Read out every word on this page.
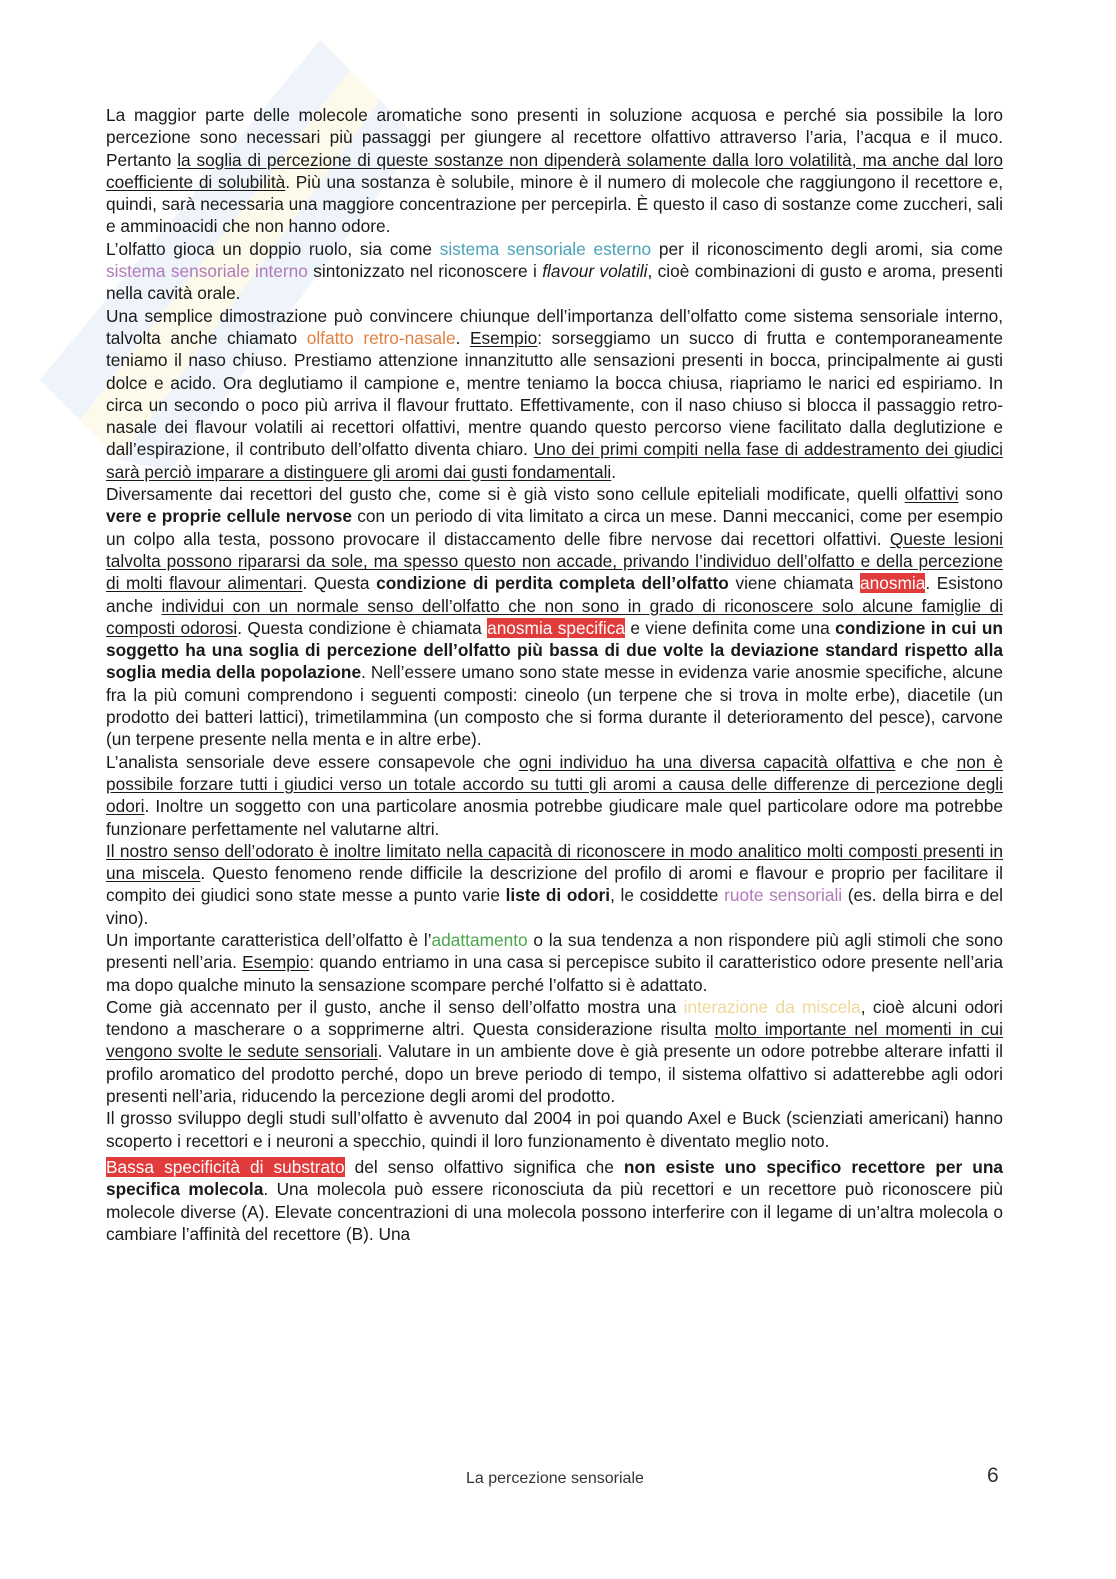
La maggior parte delle molecole aromatiche sono presenti in soluzione acquosa e perché sia possibile la loro percezione sono necessari più passaggi per giungere al recettore olfattivo attraverso l’aria, l’acqua e il muco. Pertanto la soglia di percezione di queste sostanze non dipenderà solamente dalla loro volatilità, ma anche dal loro coefficiente di solubilità. Più una sostanza è solubile, minore è il numero di molecole che raggiungono il recettore e, quindi, sarà necessaria una maggiore concentrazione per percepirla. È questo il caso di sostanze come zuccheri, sali e amminoacidi che non hanno odore.

L’olfatto gioca un doppio ruolo, sia come sistema sensoriale esterno per il riconoscimento degli aromi, sia come sistema sensoriale interno sintonizzato nel riconoscere i flavour volatili, cioè combinazioni di gusto e aroma, presenti nella cavità orale.

Una semplice dimostrazione può convincere chiunque dell’importanza dell’olfatto come sistema sensoriale interno, talvolta anche chiamato olfatto retro-nasale. Esempio: sorseggiamo un succo di frutta e contemporaneamente teniamo il naso chiuso. Prestiamo attenzione innanzitutto alle sensazioni presenti in bocca, principalmente ai gusti dolce e acido. Ora deglutiamo il campione e, mentre teniamo la bocca chiusa, riapriamo le narici ed espiriamo. In circa un secondo o poco più arriva il flavour fruttato. Effettivamente, con il naso chiuso si blocca il passaggio retro-nasale dei flavour volatili ai recettori olfattivi, mentre quando questo percorso viene facilitato dalla deglutizione e dall’espirazione, il contributo dell’olfatto diventa chiaro. Uno dei primi compiti nella fase di addestramento dei giudici sarà perciò imparare a distinguere gli aromi dai gusti fondamentali.

Diversamente dai recettori del gusto che, come si è già visto sono cellule epiteliali modificate, quelli olfattivi sono vere e proprie cellule nervose con un periodo di vita limitato a circa un mese. Danni meccanici, come per esempio un colpo alla testa, possono provocare il distaccamento delle fibre nervose dai recettori olfattivi. Queste lesioni talvolta possono ripararsi da sole, ma spesso questo non accade, privando l’individuo dell’olfatto e della percezione di molti flavour alimentari. Questa condizione di perdita completa dell’olfatto viene chiamata anosmia. Esistono anche individui con un normale senso dell’olfatto che non sono in grado di riconoscere solo alcune famiglie di composti odorosi. Questa condizione è chiamata anosmia specifica e viene definita come una condizione in cui un soggetto ha una soglia di percezione dell’olfatto più bassa di due volte la deviazione standard rispetto alla soglia media della popolazione. Nell’essere umano sono state messe in evidenza varie anosmie specifiche, alcune fra la più comuni comprendono i seguenti composti: cineolo (un terpene che si trova in molte erbe), diacetile (un prodotto dei batteri lattici), trimetilammina (un composto che si forma durante il deterioramento del pesce), carvone (un terpene presente nella menta e in altre erbe).

L’analista sensoriale deve essere consapevole che ogni individuo ha una diversa capacità olfattiva e che non è possibile forzare tutti i giudici verso un totale accordo su tutti gli aromi a causa delle differenze di percezione degli odori. Inoltre un soggetto con una particolare anosmia potrebbe giudicare male quel particolare odore ma potrebbe funzionare perfettamente nel valutarne altri.

Il nostro senso dell’odorato è inoltre limitato nella capacità di riconoscere in modo analitico molti composti presenti in una miscela. Questo fenomeno rende difficile la descrizione del profilo di aromi e flavour e proprio per facilitare il compito dei giudici sono state messe a punto varie liste di odori, le cosiddette ruote sensoriali (es. della birra e del vino).

Un importante caratteristica dell’olfatto è l’adattamento o la sua tendenza a non rispondere più agli stimoli che sono presenti nell’aria. Esempio: quando entriamo in una casa si percepisce subito il caratteristico odore presente nell’aria ma dopo qualche minuto la sensazione scompare perché l’olfatto si è adattato.

Come già accennato per il gusto, anche il senso dell’olfatto mostra una interazione da miscela, cioè alcuni odori tendono a mascherare o a sopprimerne altri. Questa considerazione risulta molto importante nel momenti in cui vengono svolte le sedute sensoriali. Valutare in un ambiente dove è già presente un odore potrebbe alterare infatti il profilo aromatico del prodotto perché, dopo un breve periodo di tempo, il sistema olfattivo si adatterebbe agli odori presenti nell’aria, riducendo la percezione degli aromi del prodotto.

Il grosso sviluppo degli studi sull’olfatto è avvenuto dal 2004 in poi quando Axel e Buck (scienziati americani) hanno scoperto i recettori e i neuroni a specchio, quindi il loro funzionamento è diventato meglio noto.

Bassa specificità di substrato del senso olfattivo significa che non esiste uno specifico recettore per una specifica molecola. Una molecola può essere riconosciuta da più recettori e un recettore può riconoscere più molecole diverse (A). Elevate concentrazioni di una molecola possono interferire con il legame di un’altra molecola o cambiare l’affinità del recettore (B). Una

La percezione sensoriale	6
